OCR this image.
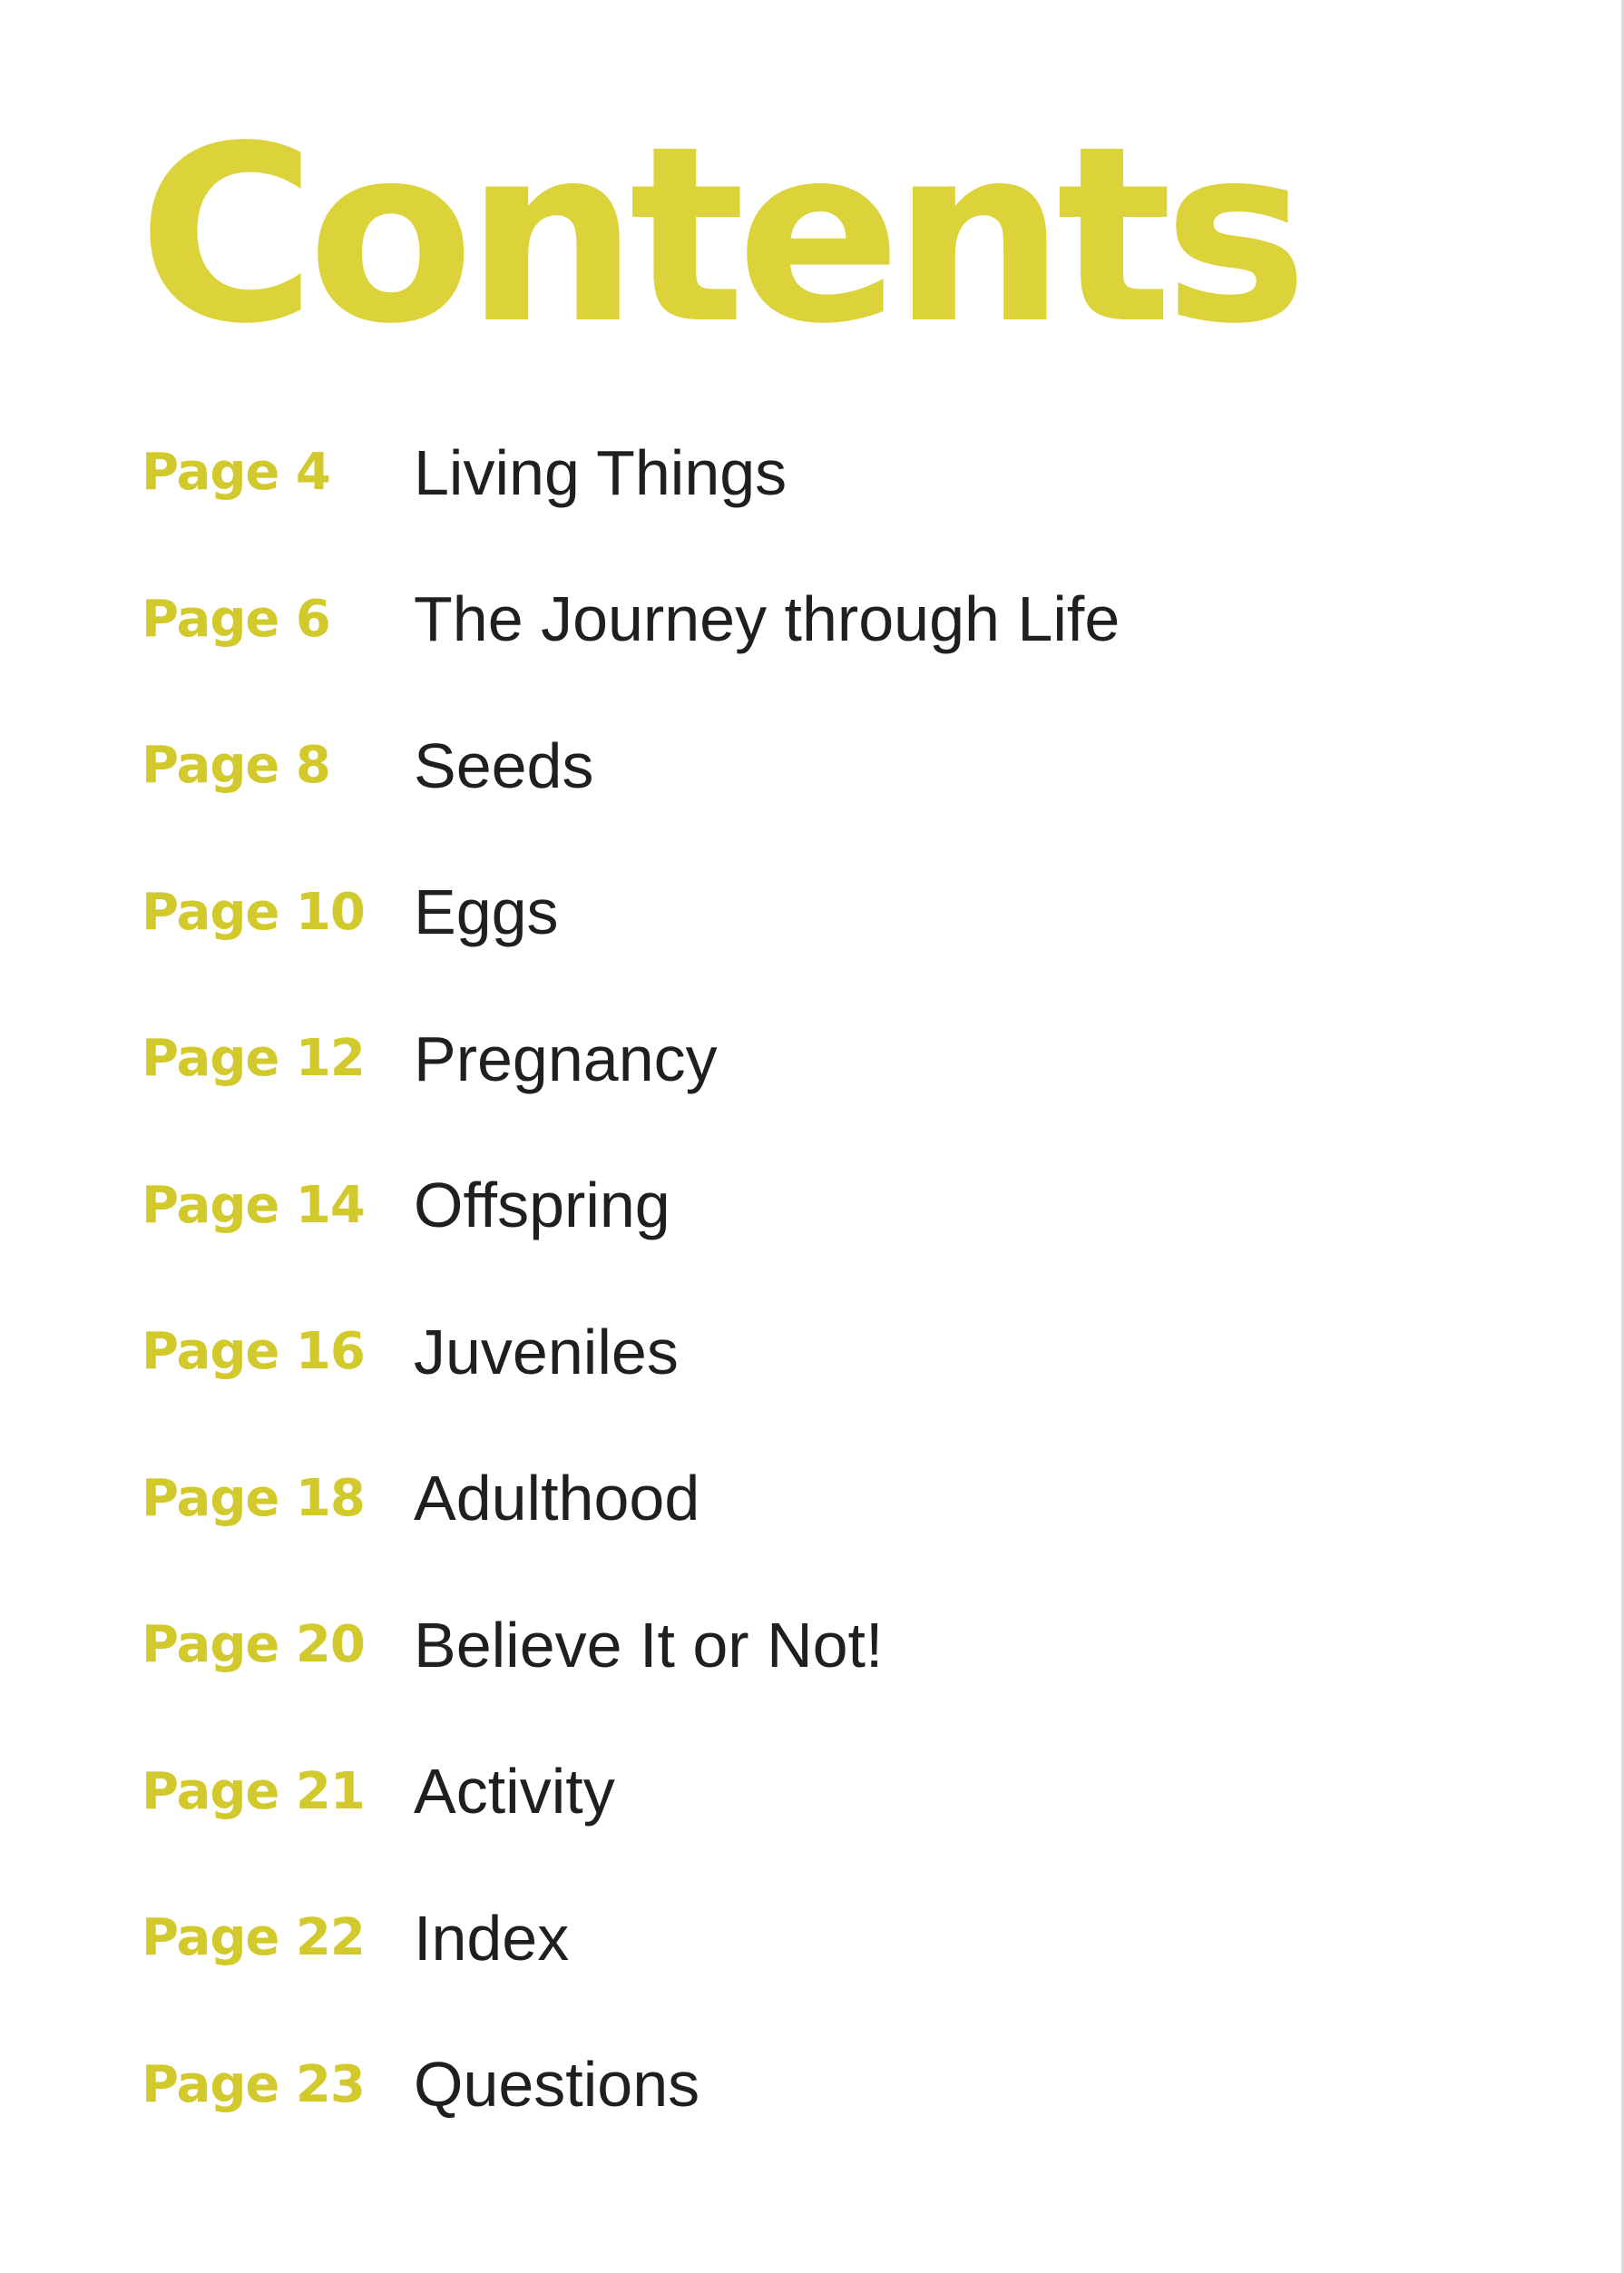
Contents
Page 4	Living Things
Page 6	The Journey through Life
Page 8	Seeds
Page 10 Eggs
Page 12 Pregnancy
Page 14 Offspring
Page 16 Juveniles
Page 18 Adulthood
Page 20 Believe It or Not!
Page 21 Activity
Page 22 Index
Page 23 Questions
